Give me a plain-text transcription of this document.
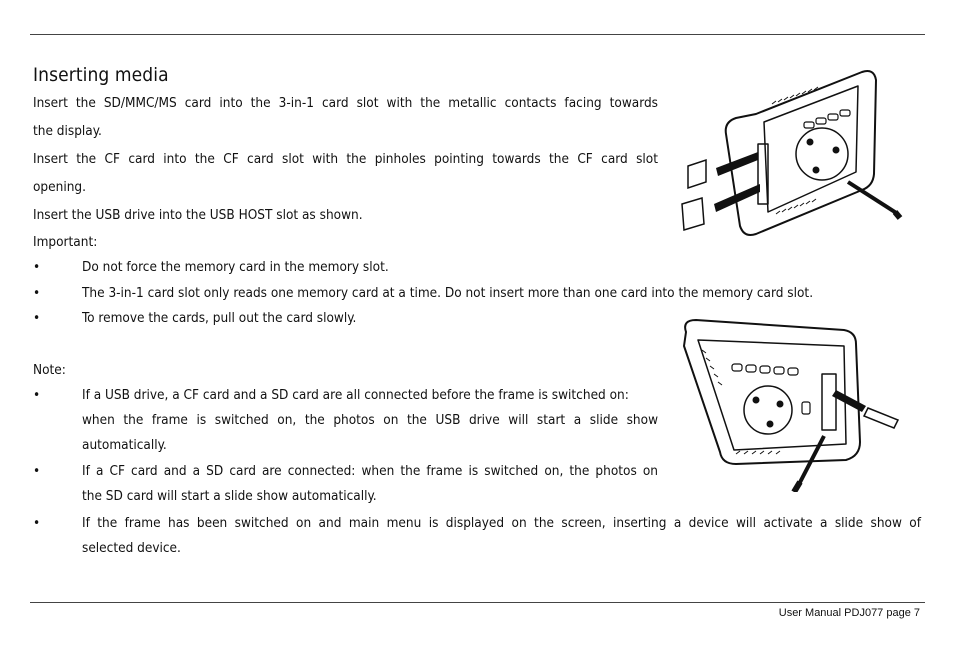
Inserting media

Insert the SD/MMC/MS card into the 3-in-1 card slot with the metallic contacts facing towards

the display.

Insert the CF card into the CF card slot with the pinholes pointing towards the CF card slot

opening.

Insert the USB drive into the USB HOST slot as shown.

Important:

•	Do not force the memory card in the memory slot.
•	The 3-in-1 card slot only reads one memory card at a time. Do not insert more than one card into the memory card slot.
•	To remove the cards, pull out the card slowly.

Note:

•	If a USB drive, a CF card and a SD card are all connected before the frame is switched on:
when the frame is switched on, the photos on the USB drive will start a slide show
automatically.
•	If a CF card and a SD card are connected: when the frame is switched on, the photos on
the SD card will start a slide show automatically.
•	If the frame has been switched on and main menu is displayed on the screen, inserting a device will activate a slide show of
selected device.
User Manual PDJ077 page 7
